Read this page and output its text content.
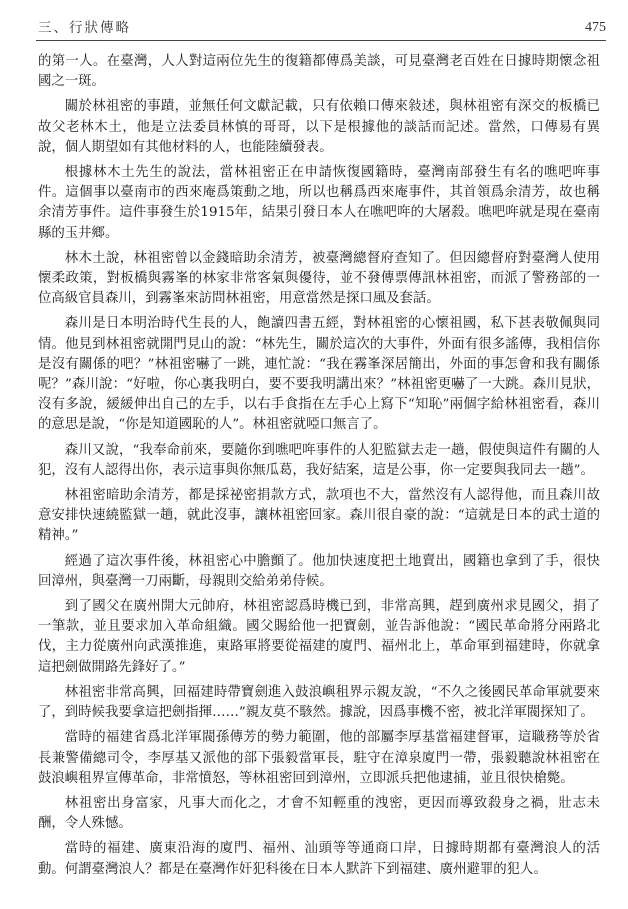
三、行狀傳略	475

的第一人。在臺灣，人人對這兩位先生的復籍都傳爲美談，可見臺灣老百姓在日據時期懷念祖國之一斑。

關於林祖密的事蹟，並無任何文獻記載，只有依賴口傳來敍述，與林祖密有深交的板橋已故父老林木土，他是立法委員林慎的哥哥，以下是根據他的談話而記述。當然，口傳易有異說，個人期望如有其他材料的人，也能陸續發表。

根據林木土先生的說法，當林祖密正在申請恢復國籍時，臺灣南部發生有名的噍吧哖事件。這個事以臺南市的西來庵爲策動之地，所以也稱爲西來庵事件，其首領爲余清芳，故也稱余清芳事件。這件事發生於1915年，結果引發日本人在噍吧哖的大屠殺。噍吧哖就是現在臺南縣的玉井鄉。

林木土說，林祖密曾以金錢暗助余清芳，被臺灣總督府查知了。但因總督府對臺灣人使用懷柔政策，對板橋與霧峯的林家非常客氣與優待，並不發傳票傳訊林祖密，而派了警務部的一位高級官員森川，到霧峯來訪問林祖密，用意當然是探口風及套話。

森川是日本明治時代生長的人，飽讀四書五經，對林祖密的心懷祖國，私下甚表敬佩與同情。他見到林祖密就開門見山的說：“林先生，關於這次的大事件，外面有很多謠傳，我相信你是沒有關係的吧？”林祖密嚇了一跳，連忙說：“我在霧峯深居簡出，外面的事怎會和我有關係呢？”森川說：“好啦，你心裏我明白，要不要我明講出來？”林祖密更嚇了一大跳。森川見狀，沒有多說，緩緩伸出自己的左手，以右手食指在左手心上寫下“知恥”兩個字給林祖密看，森川的意思是說，“你是知道國恥的人”。林祖密就啞口無言了。

森川又說，“我奉命前來，要隨你到噍吧哖事件的人犯監獄去走一趟，假使與這件有關的人犯，沒有人認得出你，表示這事與你無瓜葛，我好結案，這是公事，你一定要與我同去一趟”。

林祖密暗助余清芳，都是採祕密捐款方式，款項也不大，當然沒有人認得他，而且森川故意安排快速繞監獄一趟，就此沒事，讓林祖密回家。森川很自豪的說：“這就是日本的武士道的精神。”

經過了這次事件後，林祖密心中膽顫了。他加快速度把土地賣出，國籍也拿到了手，很快回漳州，與臺灣一刀兩斷，母親則交給弟弟侍候。

到了國父在廣州開大元帥府，林祖密認爲時機已到，非常高興，趕到廣州求見國父，捐了一筆款，並且要求加入革命組織。國父賜給他一把寶劍，並告訴他說：“國民革命將分兩路北伐，主力從廣州向武漢推進，東路軍將要從福建的廈門、福州北上，革命軍到福建時，你就拿這把劍做開路先鋒好了。”

林祖密非常高興，回福建時帶寶劍進入鼓浪嶼租界示親友說，“不久之後國民革命軍就要來了，到時候我要拿這把劍指揮……”親友莫不駭然。據說，因爲事機不密，被北洋軍閥探知了。

當時的福建省爲北洋軍閥孫傳芳的勢力範圍，他的部屬李厚基當福建督軍，這職務等於省長兼警備總司令，李厚基又派他的部下張毅當軍長，駐守在漳泉廈門一帶，張毅聽說林祖密在鼓浪嶼租界宣傳革命，非常憤怒，等林祖密回到漳州，立即派兵把他逮捕，並且很快槍斃。

林祖密出身富家，凡事大而化之，才會不知輕重的洩密，更因而導致殺身之禍，壯志未酬，令人殊憾。

當時的福建、廣東沿海的廈門、福州、汕頭等等通商口岸，日據時期都有臺灣浪人的活動。何謂臺灣浪人？都是在臺灣作奸犯科後在日本人默許下到福建、廣州避罪的犯人。
